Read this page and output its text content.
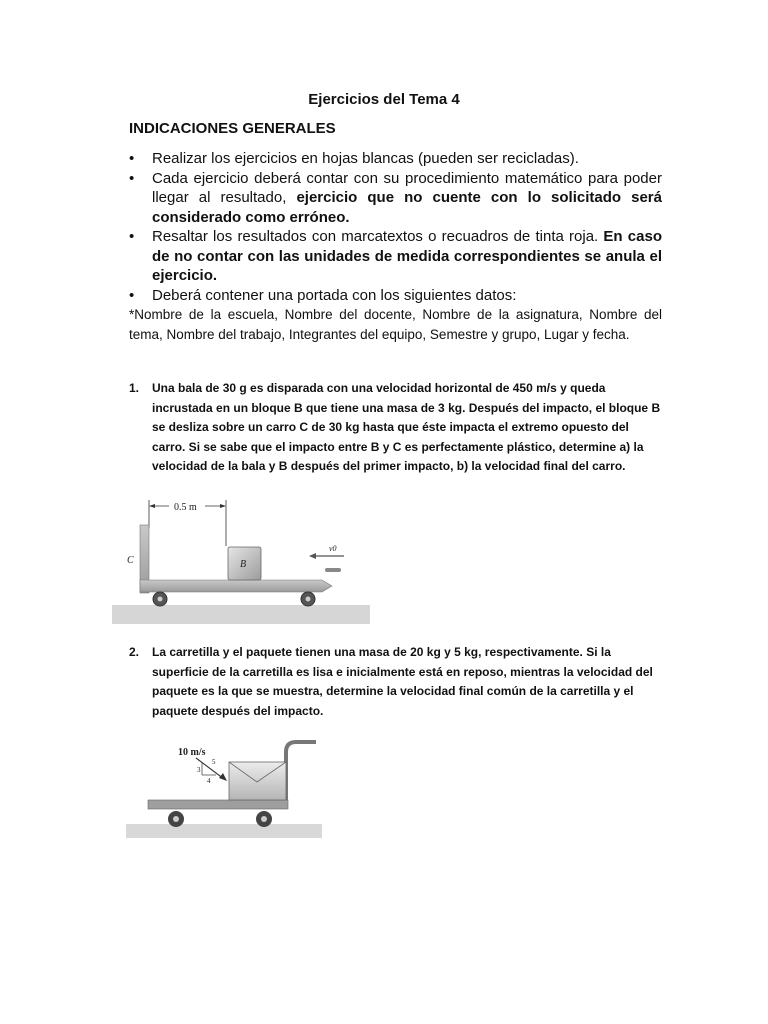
Ejercicios del Tema 4
INDICACIONES GENERALES
• Realizar los ejercicios en hojas blancas (pueden ser recicladas).
• Cada ejercicio deberá contar con su procedimiento matemático para poder llegar al resultado, ejercicio que no cuente con lo solicitado será considerado como erróneo.
• Resaltar los resultados con marcatextos o recuadros de tinta roja. En caso de no contar con las unidades de medida correspondientes se anula el ejercicio.
• Deberá contener una portada con los siguientes datos:
*Nombre de la escuela, Nombre del docente, Nombre de la asignatura, Nombre del tema, Nombre del trabajo, Integrantes del equipo, Semestre y grupo, Lugar y fecha.
1. Una bala de 30 g es disparada con una velocidad horizontal de 450 m/s y queda incrustada en un bloque B que tiene una masa de 3 kg. Después del impacto, el bloque B se desliza sobre un carro C de 30 kg hasta que éste impacta el extremo opuesto del carro. Si se sabe que el impacto entre B y C es perfectamente plástico, determine a) la velocidad de la bala y B después del primer impacto, b) la velocidad final del carro.
0.5 m
B
C
v0
2. La carretilla y el paquete tienen una masa de 20 kg y 5 kg, respectivamente. Si la superficie de la carretilla es lisa e inicialmente está en reposo, mientras la velocidad del paquete es la que se muestra, determine la velocidad final común de la carretilla y el paquete después del impacto.
10 m/s
5
3
4
